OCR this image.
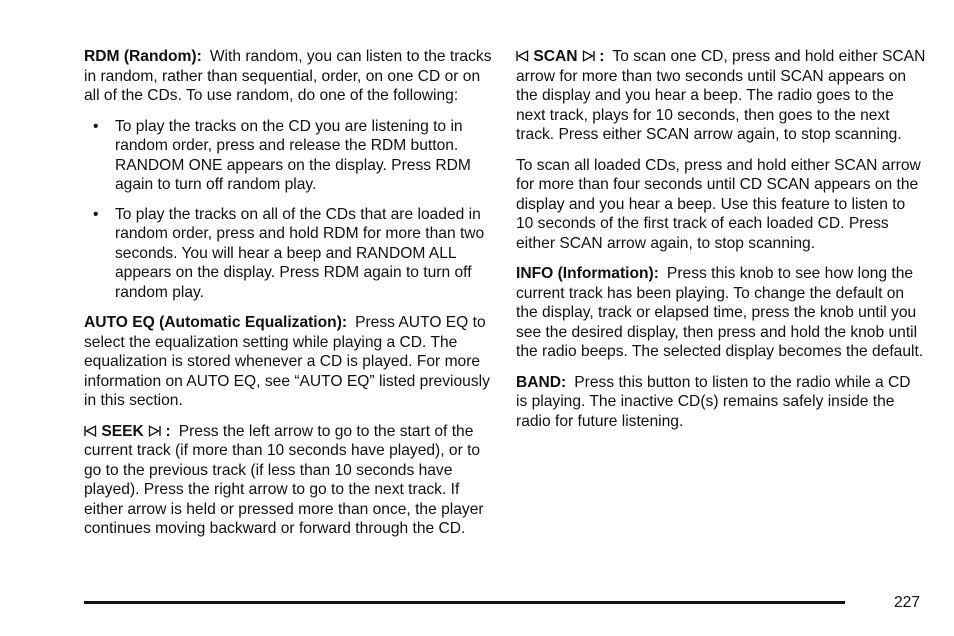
RDM (Random): With random, you can listen to the tracks in random, rather than sequential, order, on one CD or on all of the CDs. To use random, do one of the following:

• To play the tracks on the CD you are listening to in random order, press and release the RDM button. RANDOM ONE appears on the display. Press RDM again to turn off random play.
• To play the tracks on all of the CDs that are loaded in random order, press and hold RDM for more than two seconds. You will hear a beep and RANDOM ALL appears on the display. Press RDM again to turn off random play.

AUTO EQ (Automatic Equalization): Press AUTO EQ to select the equalization setting while playing a CD. The equalization is stored whenever a CD is played. For more information on AUTO EQ, see “AUTO EQ” listed previously in this section.

SEEK : Press the left arrow to go to the start of the current track (if more than 10 seconds have played), or to go to the previous track (if less than 10 seconds have played). Press the right arrow to go to the next track. If either arrow is held or pressed more than once, the player continues moving backward or forward through the CD.

SCAN : To scan one CD, press and hold either SCAN arrow for more than two seconds until SCAN appears on the display and you hear a beep. The radio goes to the next track, plays for 10 seconds, then goes to the next track. Press either SCAN arrow again, to stop scanning.

To scan all loaded CDs, press and hold either SCAN arrow for more than four seconds until CD SCAN appears on the display and you hear a beep. Use this feature to listen to 10 seconds of the first track of each loaded CD. Press either SCAN arrow again, to stop scanning.

INFO (Information): Press this knob to see how long the current track has been playing. To change the default on the display, track or elapsed time, press the knob until you see the desired display, then press and hold the knob until the radio beeps. The selected display becomes the default.

BAND: Press this button to listen to the radio while a CD is playing. The inactive CD(s) remains safely inside the radio for future listening.

227
